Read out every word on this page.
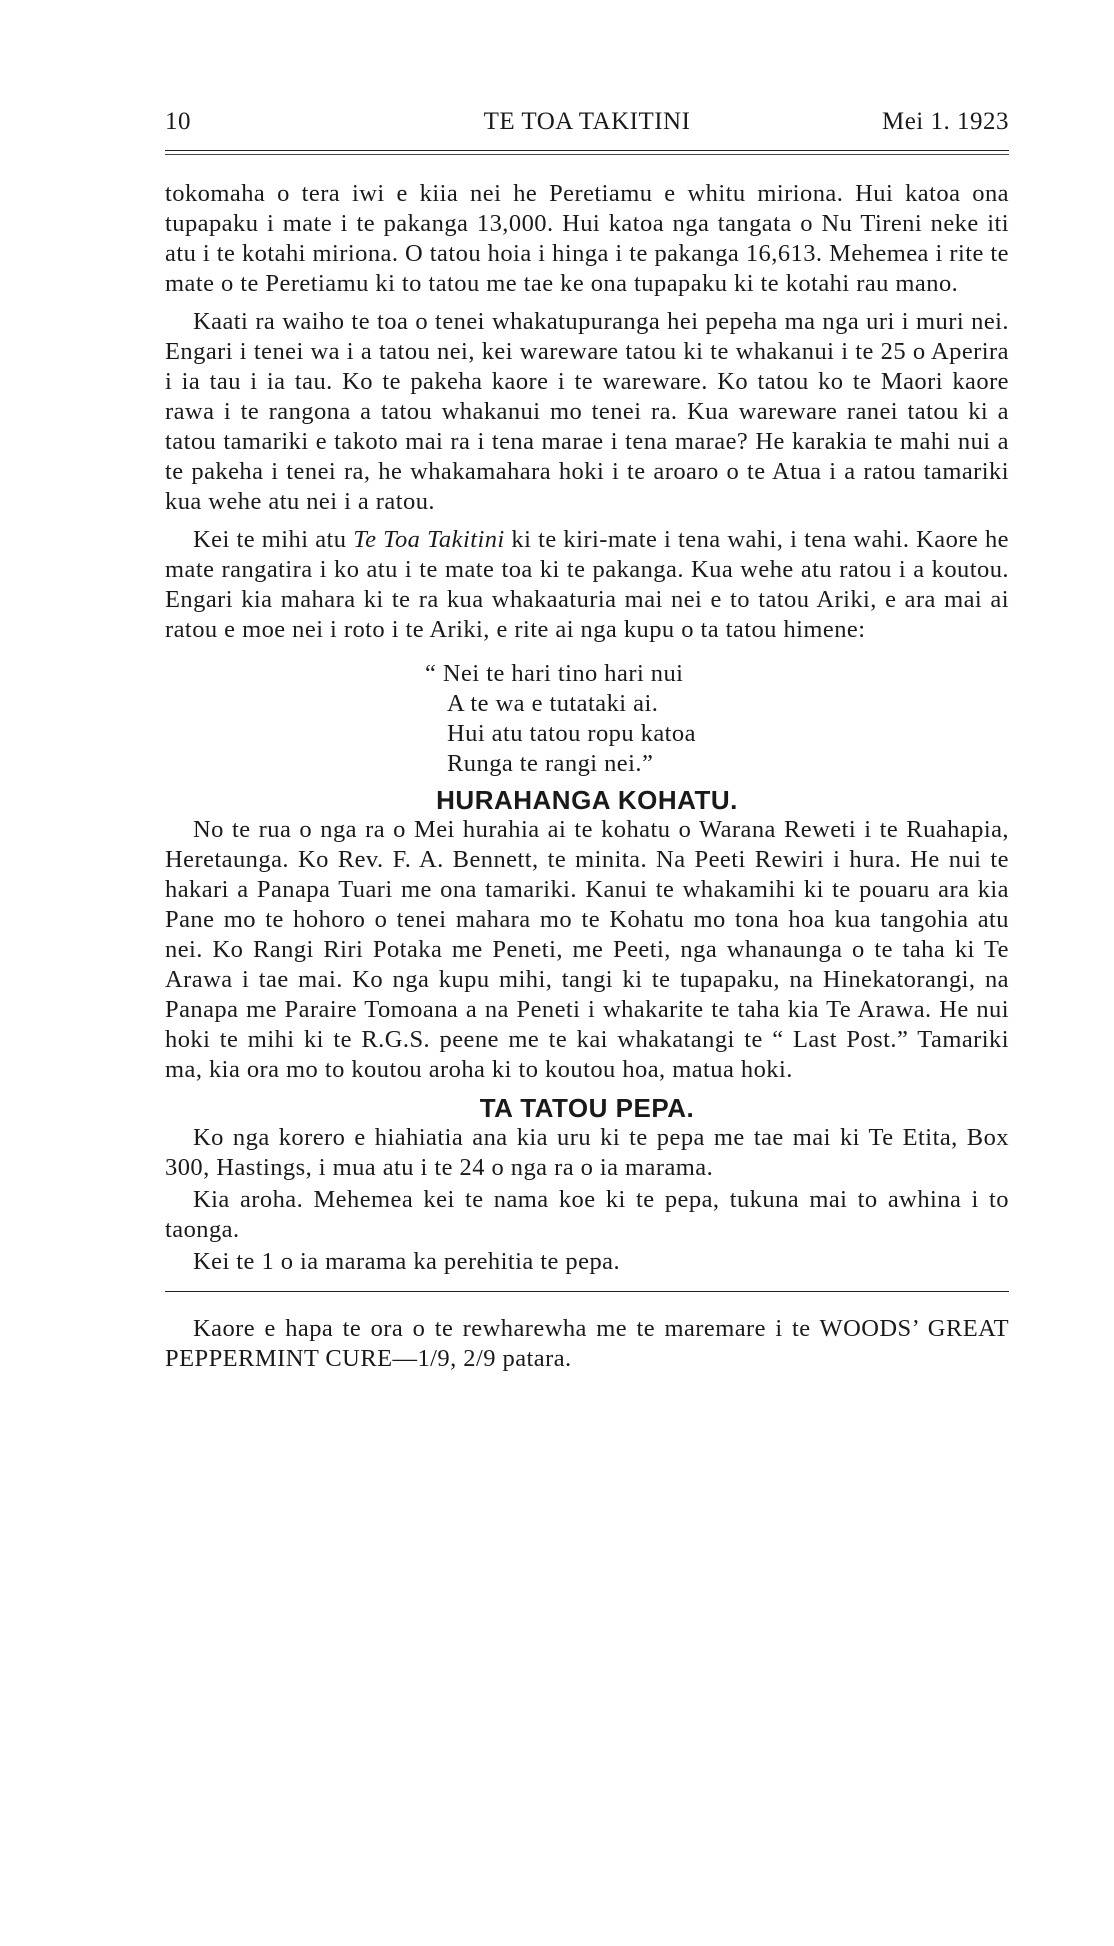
10	TE TOA TAKITINI	Mei 1. 1923

tokomaha o tera iwi e kiia nei he Peretiamu e whitu miriona. Hui katoa ona tupapaku i mate i te pakanga 13,000. Hui katoa nga tangata o Nu Tireni neke iti atu i te kotahi miriona. O tatou hoia i hinga i te pakanga 16,613. Mehemea i rite te mate o te Peretiamu ki to tatou me tae ke ona tupapaku ki te kotahi rau mano.

Kaati ra waiho te toa o tenei whakatupuranga hei pepeha ma nga uri i muri nei. Engari i tenei wa i a tatou nei, kei wareware tatou ki te whakanui i te 25 o Aperira i ia tau i ia tau. Ko te pakeha kaore i te wareware. Ko tatou ko te Maori kaore rawa i te rangona a tatou whakanui mo tenei ra. Kua wareware ranei tatou ki a tatou tamariki e takoto mai ra i tena marae i tena marae? He karakia te mahi nui a te pakeha i tenei ra, he whakamahara hoki i te aroaro o te Atua i a ratou tamariki kua wehe atu nei i a ratou.

Kei te mihi atu Te Toa Takitini ki te kiri-mate i tena wahi, i tena wahi. Kaore he mate rangatira i ko atu i te mate toa ki te pakanga. Kua wehe atu ratou i a koutou. Engari kia mahara ki te ra kua whakaaturia mai nei e to tatou Ariki, e ara mai ai ratou e moe nei i roto i te Ariki, e rite ai nga kupu o ta tatou himene:

“ Nei te hari tino hari nui
A te wa e tutataki ai.
Hui atu tatou ropu katoa
Runga te rangi nei.”
HURAHANGA KOHATU.

No te rua o nga ra o Mei hurahia ai te kohatu o Warana Reweti i te Ruahapia, Heretaunga. Ko Rev. F. A. Bennett, te minita. Na Peeti Rewiri i hura. He nui te hakari a Panapa Tuari me ona tamariki. Kanui te whakamihi ki te pouaru ara kia Pane mo te hohoro o tenei mahara mo te Kohatu mo tona hoa kua tangohia atu nei. Ko Rangi Riri Potaka me Peneti, me Peeti, nga whanaunga o te taha ki Te Arawa i tae mai. Ko nga kupu mihi, tangi ki te tupapaku, na Hinekatorangi, na Panapa me Paraire Tomoana a na Peneti i whakarite te taha kia Te Arawa. He nui hoki te mihi ki te R.G.S. peene me te kai whakatangi te “ Last Post.” Tamariki ma, kia ora mo to koutou aroha ki to koutou hoa, matua hoki.

TA TATOU PEPA.

Ko nga korero e hiahiatia ana kia uru ki te pepa me tae mai ki Te Etita, Box 300, Hastings, i mua atu i te 24 o nga ra o ia marama.

Kia aroha. Mehemea kei te nama koe ki te pepa, tukuna mai to awhina i to taonga.

Kei te 1 o ia marama ka perehitia te pepa.

Kaore e hapa te ora o te rewharewha me te maremare i te WOODS’ GREAT PEPPERMINT CURE—1/9, 2/9 patara.
